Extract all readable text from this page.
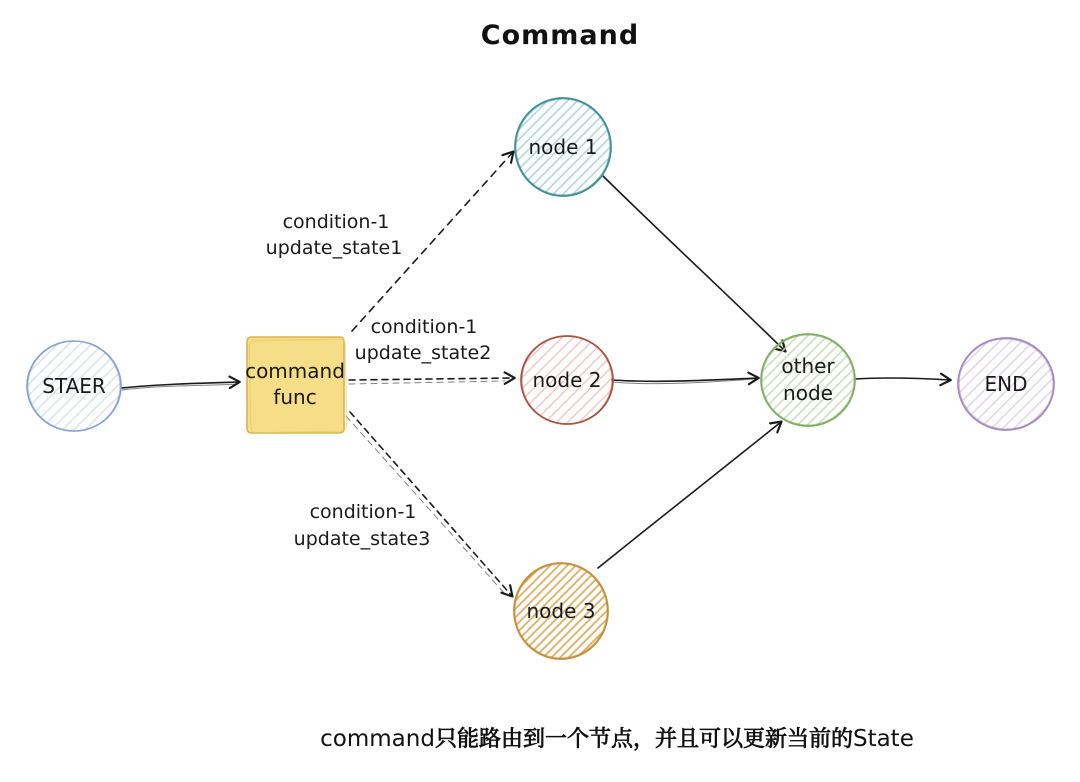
Command
condition-1
update_state1
condition-1
update_state2
condition-1
update_state3
STAER
command
func
node 1
node 2
node 3
other
node	END
command只能路由到一个节点，并且可以更新当前的State
